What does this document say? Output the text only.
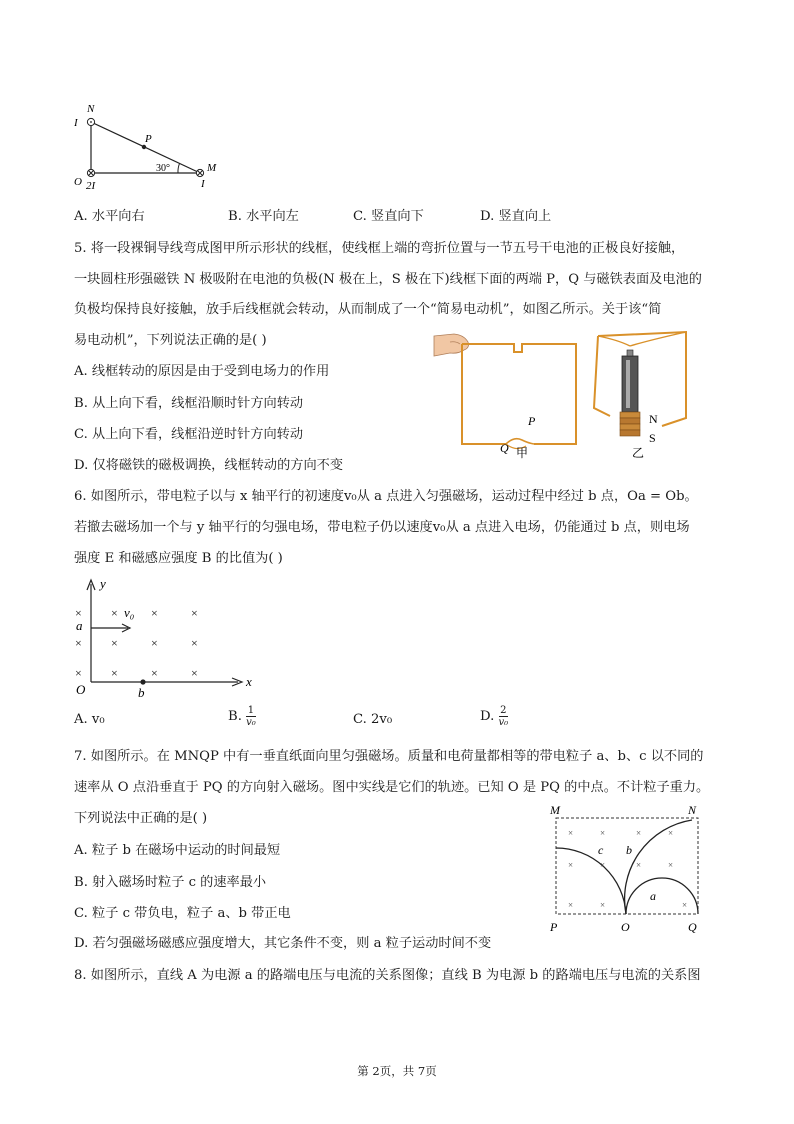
N
I
P
30°	M
O 2I	I
A. 水平向右	B. 水平向左	C. 竖直向下	D. 竖直向上
5. 将一段裸铜导线弯成图甲所示形状的线框，使线框上端的弯折位置与一节五号干电池的正极良好接触，
一块圆柱形强磁铁 N 极吸附在电池的负极(N 极在上，S 极在下)线框下面的两端 P，Q 与磁铁表面及电池的
负极均保持良好接触，放手后线框就会转动，从而制成了一个“简易电动机”，如图乙所示。关于该“简
易电动机”，下列说法正确的是( )
A. 线框转动的原因是由于受到电场力的作用
B. 从上向下看，线框沿顺时针方向转动
C. 从上向下看，线框沿逆时针方向转动
D. 仅将磁铁的磁极调换，线框转动的方向不变
P
Q 甲
N
S
乙
6. 如图所示，带电粒子以与 x 轴平行的初速度v₀从 a 点进入匀强磁场，运动过程中经过 b 点，Oa = Ob。
若撤去磁场加一个与 y 轴平行的匀强电场，带电粒子仍以速度v₀从 a 点进入电场，仍能通过 b 点，则电场
强度 E 和磁感应强度 B 的比值为( )
× ×	×	×
× ×	×	×
× ×	×	×
y
v₀
a
O	b
x
A. v₀	B. $\frac{1}{\text{v₀}}$	C. 2v₀	D. $\frac{2}{\text{v₀}}$
7. 如图所示。在 MNQP 中有一垂直纸面向里匀强磁场。质量和电荷量都相等的带电粒子 a、b、c 以不同的
速率从 O 点沿垂直于 PQ 的方向射入磁场。图中实线是它们的轨迹。已知 O 是 PQ 的中点。不计粒子重力。
下列说法中正确的是( )
A. 粒子 b 在磁场中运动的时间最短
B. 射入磁场时粒子 c 的速率最小
C. 粒子 c 带负电，粒子 a、b 带正电
D. 若匀强磁场磁感应强度增大，其它条件不变，则 a 粒子运动时间不变
×	×	×	×
×	×	×	×
×	×	×
M	N
c b
a
P	O	Q
8. 如图所示，直线 A 为电源 a 的路端电压与电流的关系图像；直线 B 为电源 b 的路端电压与电流的关系图
第 2页，共 7页
